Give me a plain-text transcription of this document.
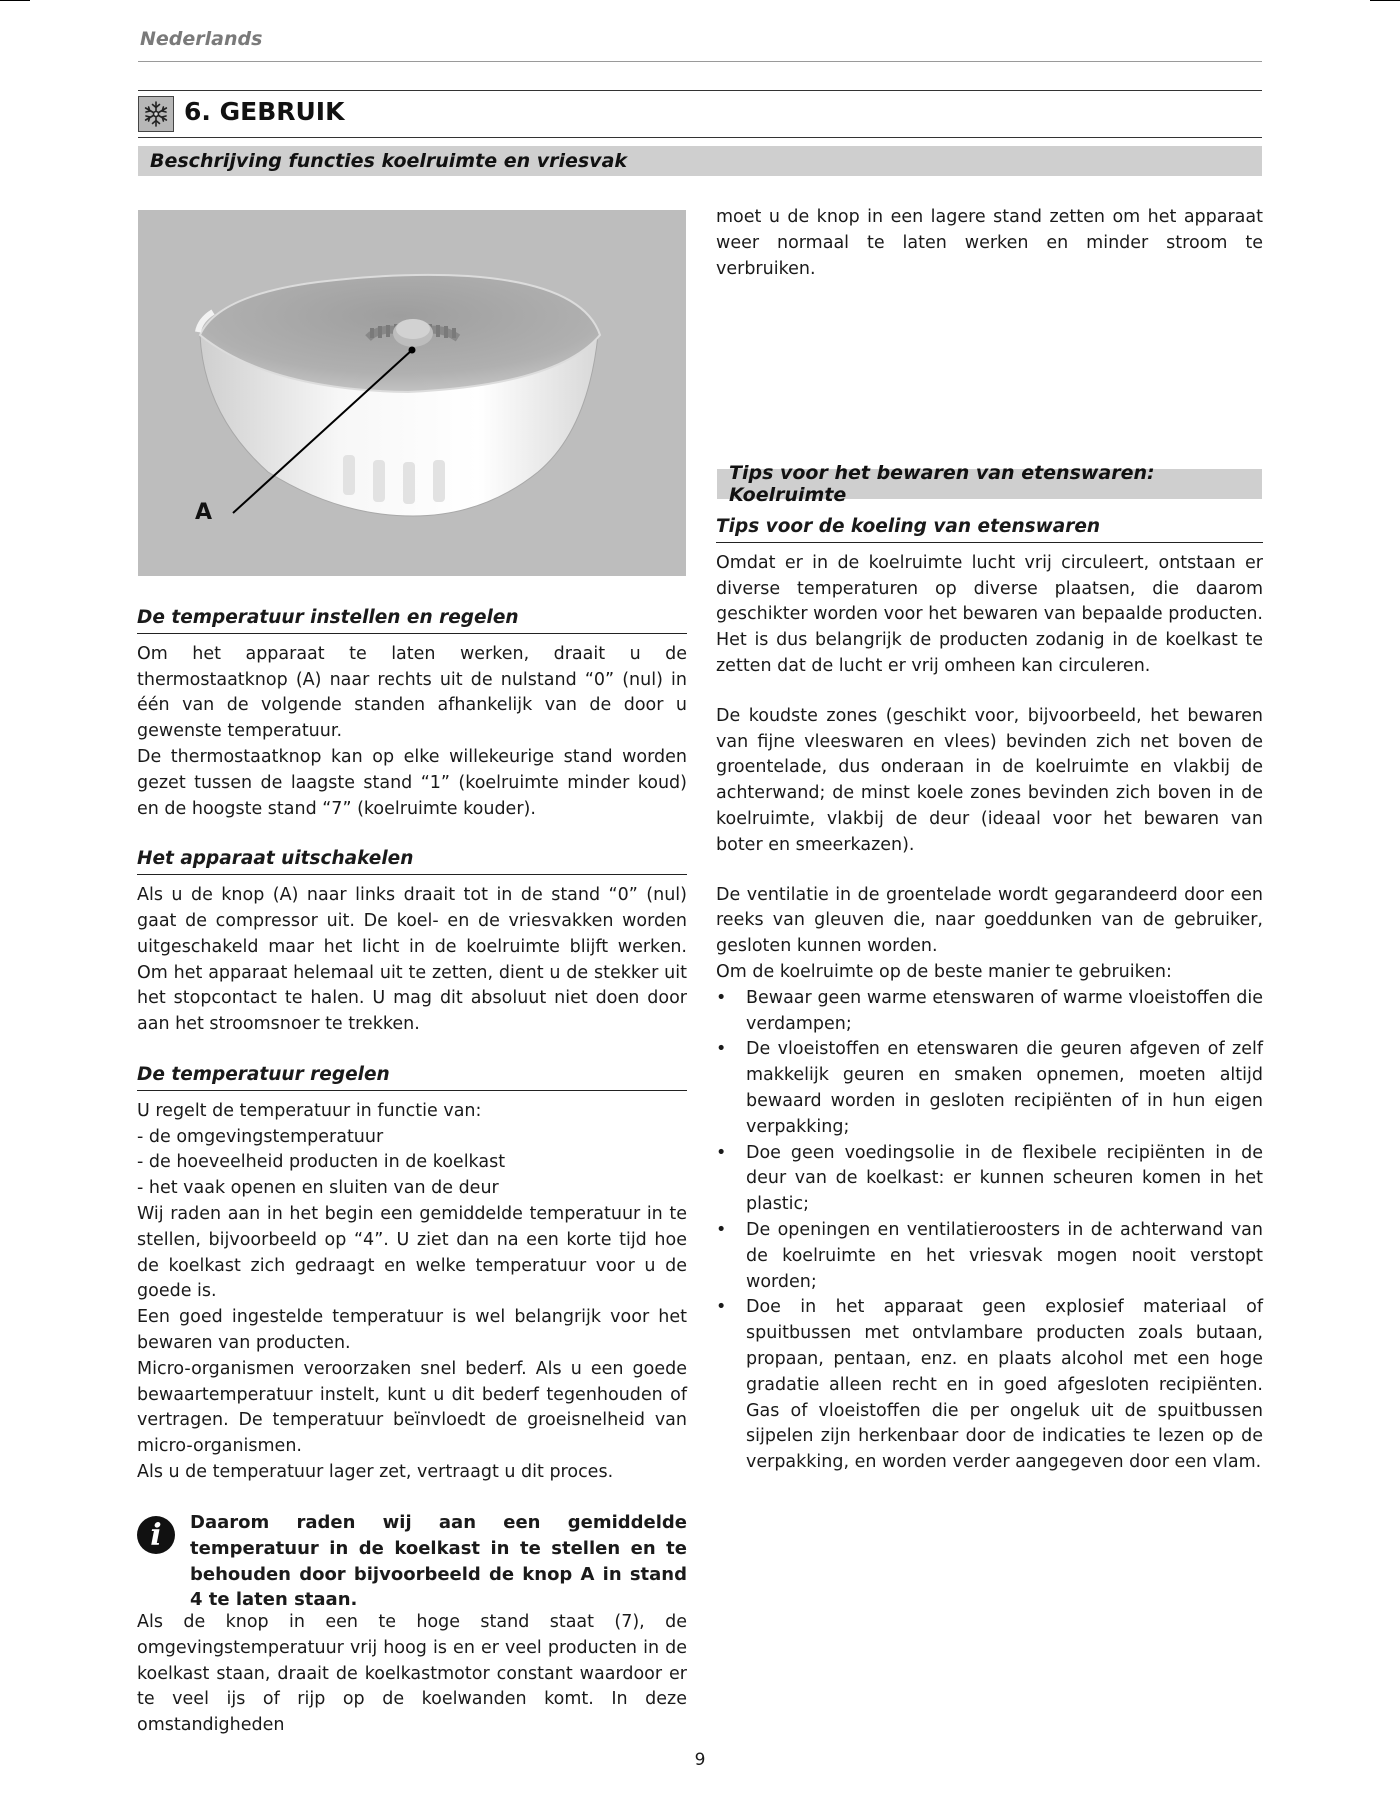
Nederlands
6. GEBRUIK
Beschrijving functies koelruimte en vriesvak
A
De temperatuur instellen en regelen

Om het apparaat te laten werken, draait u de thermostaatknop (A) naar rechts uit de nulstand “0” (nul) in één van de volgende standen afhankelijk van de door u gewenste temperatuur.

De thermostaatknop kan op elke willekeurige stand worden gezet tussen de laagste stand “1” (koelruimte minder koud) en de hoogste stand “7” (koelruimte kouder).

Het apparaat uitschakelen

Als u de knop (A) naar links draait tot in de stand “0” (nul) gaat de compressor uit. De koel- en de vriesvakken worden uitgeschakeld maar het licht in de koelruimte blijft werken. Om het apparaat helemaal uit te zetten, dient u de stekker uit het stopcontact te halen. U mag dit absoluut niet doen door aan het stroomsnoer te trekken.

De temperatuur regelen

U regelt de temperatuur in functie van:

- de omgevingstemperatuur

- de hoeveelheid producten in de koelkast

- het vaak openen en sluiten van de deur

Wij raden aan in het begin een gemiddelde temperatuur in te stellen, bijvoorbeeld op “4”. U ziet dan na een korte tijd hoe de koelkast zich gedraagt en welke temperatuur voor u de goede is.

Een goed ingestelde temperatuur is wel belangrijk voor het bewaren van producten.

Micro-organismen veroorzaken snel bederf. Als u een goede bewaartemperatuur instelt, kunt u dit bederf tegenhouden of vertragen. De temperatuur beïnvloedt de groeisnelheid van micro-organismen.

Als u de temperatuur lager zet, vertraagt u dit proces.

i	Daarom raden wij aan een gemiddelde temperatuur in de koelkast in te stellen en te behouden door bijvoorbeeld de knop A in stand 4 te laten staan.

Als de knop in een te hoge stand staat (7), de omgevingstemperatuur vrij hoog is en er veel producten in de koelkast staan, draait de koelkastmotor constant waardoor er te veel ijs of rijp op de koelwanden komt. In deze omstandigheden

moet u de knop in een lagere stand zetten om het apparaat weer normaal te laten werken en minder stroom te verbruiken.

Tips voor het bewaren van etenswaren: Koelruimte
Tips voor de koeling van etenswaren

Omdat er in de koelruimte lucht vrij circuleert, ontstaan er diverse temperaturen op diverse plaatsen, die daarom geschikter worden voor het bewaren van bepaalde producten. Het is dus belangrijk de producten zodanig in de koelkast te zetten dat de lucht er vrij omheen kan circuleren.

De koudste zones (geschikt voor, bijvoorbeeld, het bewaren van fijne vleeswaren en vlees) bevinden zich net boven de groentelade, dus onderaan in de koelruimte en vlakbij de achterwand; de minst koele zones bevinden zich boven in de koelruimte, vlakbij de deur (ideaal voor het bewaren van boter en smeerkazen).

De ventilatie in de groentelade wordt gegarandeerd door een reeks van gleuven die, naar goeddunken van de gebruiker, gesloten kunnen worden.

Om de koelruimte op de beste manier te gebruiken:

• Bewaar geen warme etenswaren of warme vloeistoffen die verdampen;
• De vloeistoffen en etenswaren die geuren afgeven of zelf makkelijk geuren en smaken opnemen, moeten altijd bewaard worden in gesloten recipiënten of in hun eigen verpakking;
• Doe geen voedingsolie in de flexibele recipiënten in de deur van de koelkast: er kunnen scheuren komen in het plastic;
• De openingen en ventilatieroosters in de achterwand van de koelruimte en het vriesvak mogen nooit verstopt worden;
• Doe in het apparaat geen explosief materiaal of spuitbussen met ontvlambare producten zoals butaan, propaan, pentaan, enz. en plaats alcohol met een hoge gradatie alleen recht en in goed afgesloten recipiënten. Gas of vloeistoffen die per ongeluk uit de spuitbussen sijpelen zijn herkenbaar door de indicaties te lezen op de verpakking, en worden verder aangegeven door een vlam.
9
